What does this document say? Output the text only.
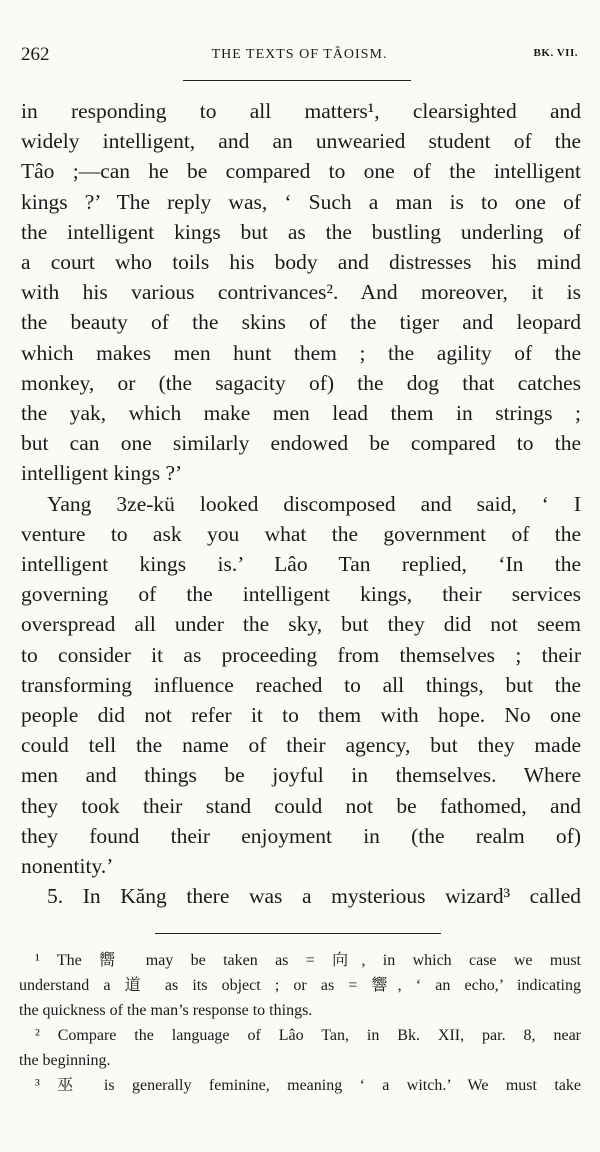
262	THE TEXTS OF TÂOISM.	BK. VII.
in responding to all matters¹, clearsighted and
widely intelligent, and an unwearied student of the
Tâo ;—can he be compared to one of the intelligent
kings ?’ The reply was, ‘ Such a man is to one of
the intelligent kings but as the bustling underling of
a court who toils his body and distresses his mind
with his various contrivances². And moreover, it is
the beauty of the skins of the tiger and leopard
which makes men hunt them ; the agility of the
monkey, or (the sagacity of) the dog that catches
the yak, which make men lead them in strings ;
but can one similarly endowed be compared to the
intelligent kings ?’
Yang 3ze-kü looked discomposed and said, ‘ I
venture to ask you what the government of the
intelligent kings is.’ Lâo Tan replied, ‘In the
governing of the intelligent kings, their services
overspread all under the sky, but they did not seem
to consider it as proceeding from themselves ; their
transforming influence reached to all things, but the
people did not refer it to them with hope. No one
could tell the name of their agency, but they made
men and things be joyful in themselves. Where
they took their stand could not be fathomed, and
they found their enjoyment in (the realm of)
nonentity.’
5. In Kăng there was a mysterious wizard³ called
¹ The 嚮 may be taken as = 向, in which case we must
understand a 道 as its object ; or as = 響, ‘ an echo,’ indicating
the quickness of the man’s response to things.
² Compare the language of Lâo Tan, in Bk. XII, par. 8, near
the beginning.
³ 巫 is generally feminine, meaning ‘ a witch.’ We must take
